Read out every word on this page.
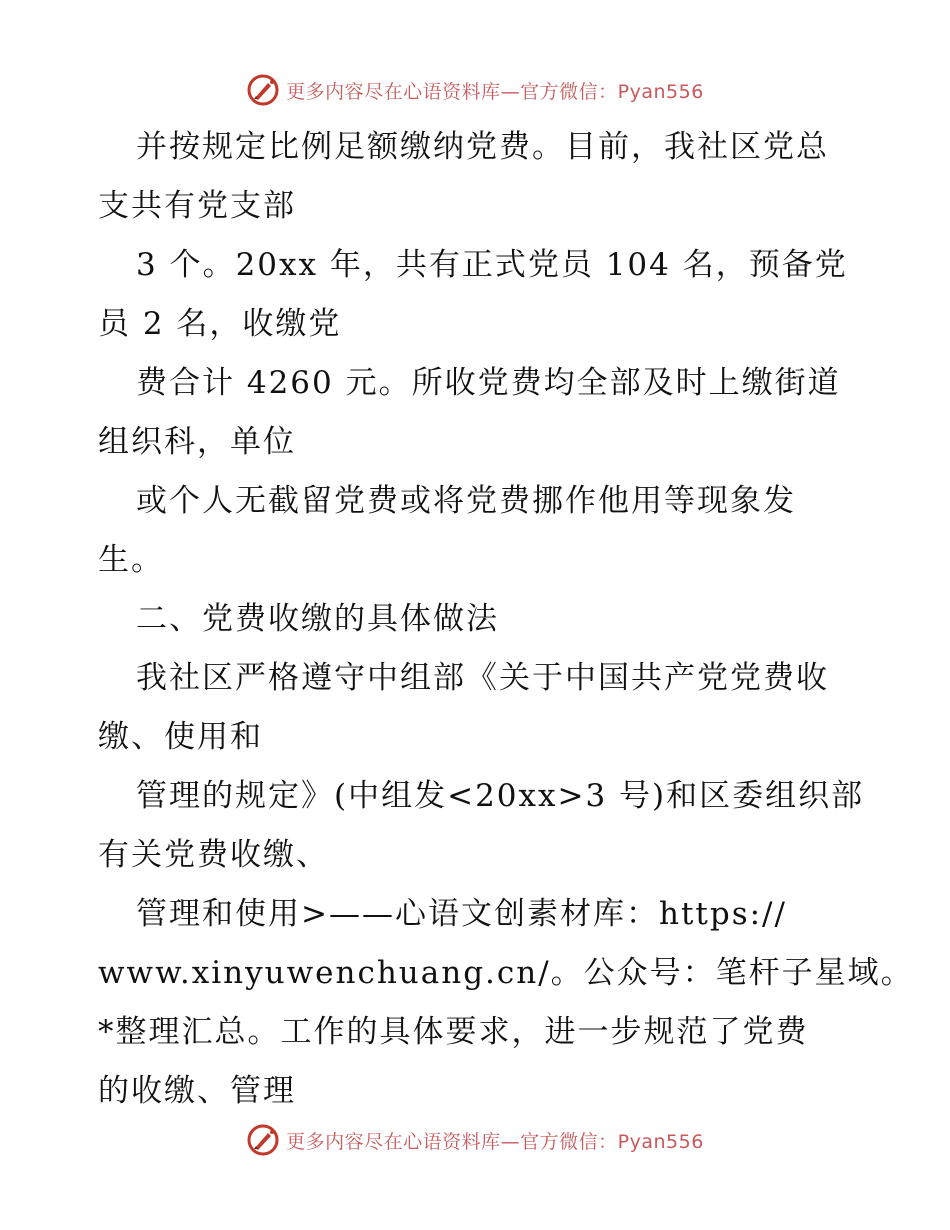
更多内容尽在心语资料库—官方微信：Pyan556
并按规定比例足额缴纳党费。目前，我社区党总
支共有党支部
3 个。20xx 年，共有正式党员 104 名，预备党
员 2 名，收缴党
费合计 4260 元。所收党费均全部及时上缴街道
组织科，单位
或个人无截留党费或将党费挪作他用等现象发
生。
二、党费收缴的具体做法
我社区严格遵守中组部《关于中国共产党党费收
缴、使用和
管理的规定》(中组发<20xx>3 号)和区委组织部
有关党费收缴、
管理和使用>——心语文创素材库：https://
www.xinyuwenchuang.cn/。公众号：笔杆子星域。
*整理汇总。工作的具体要求，进一步规范了党费
的收缴、管理
更多内容尽在心语资料库—官方微信：Pyan556
